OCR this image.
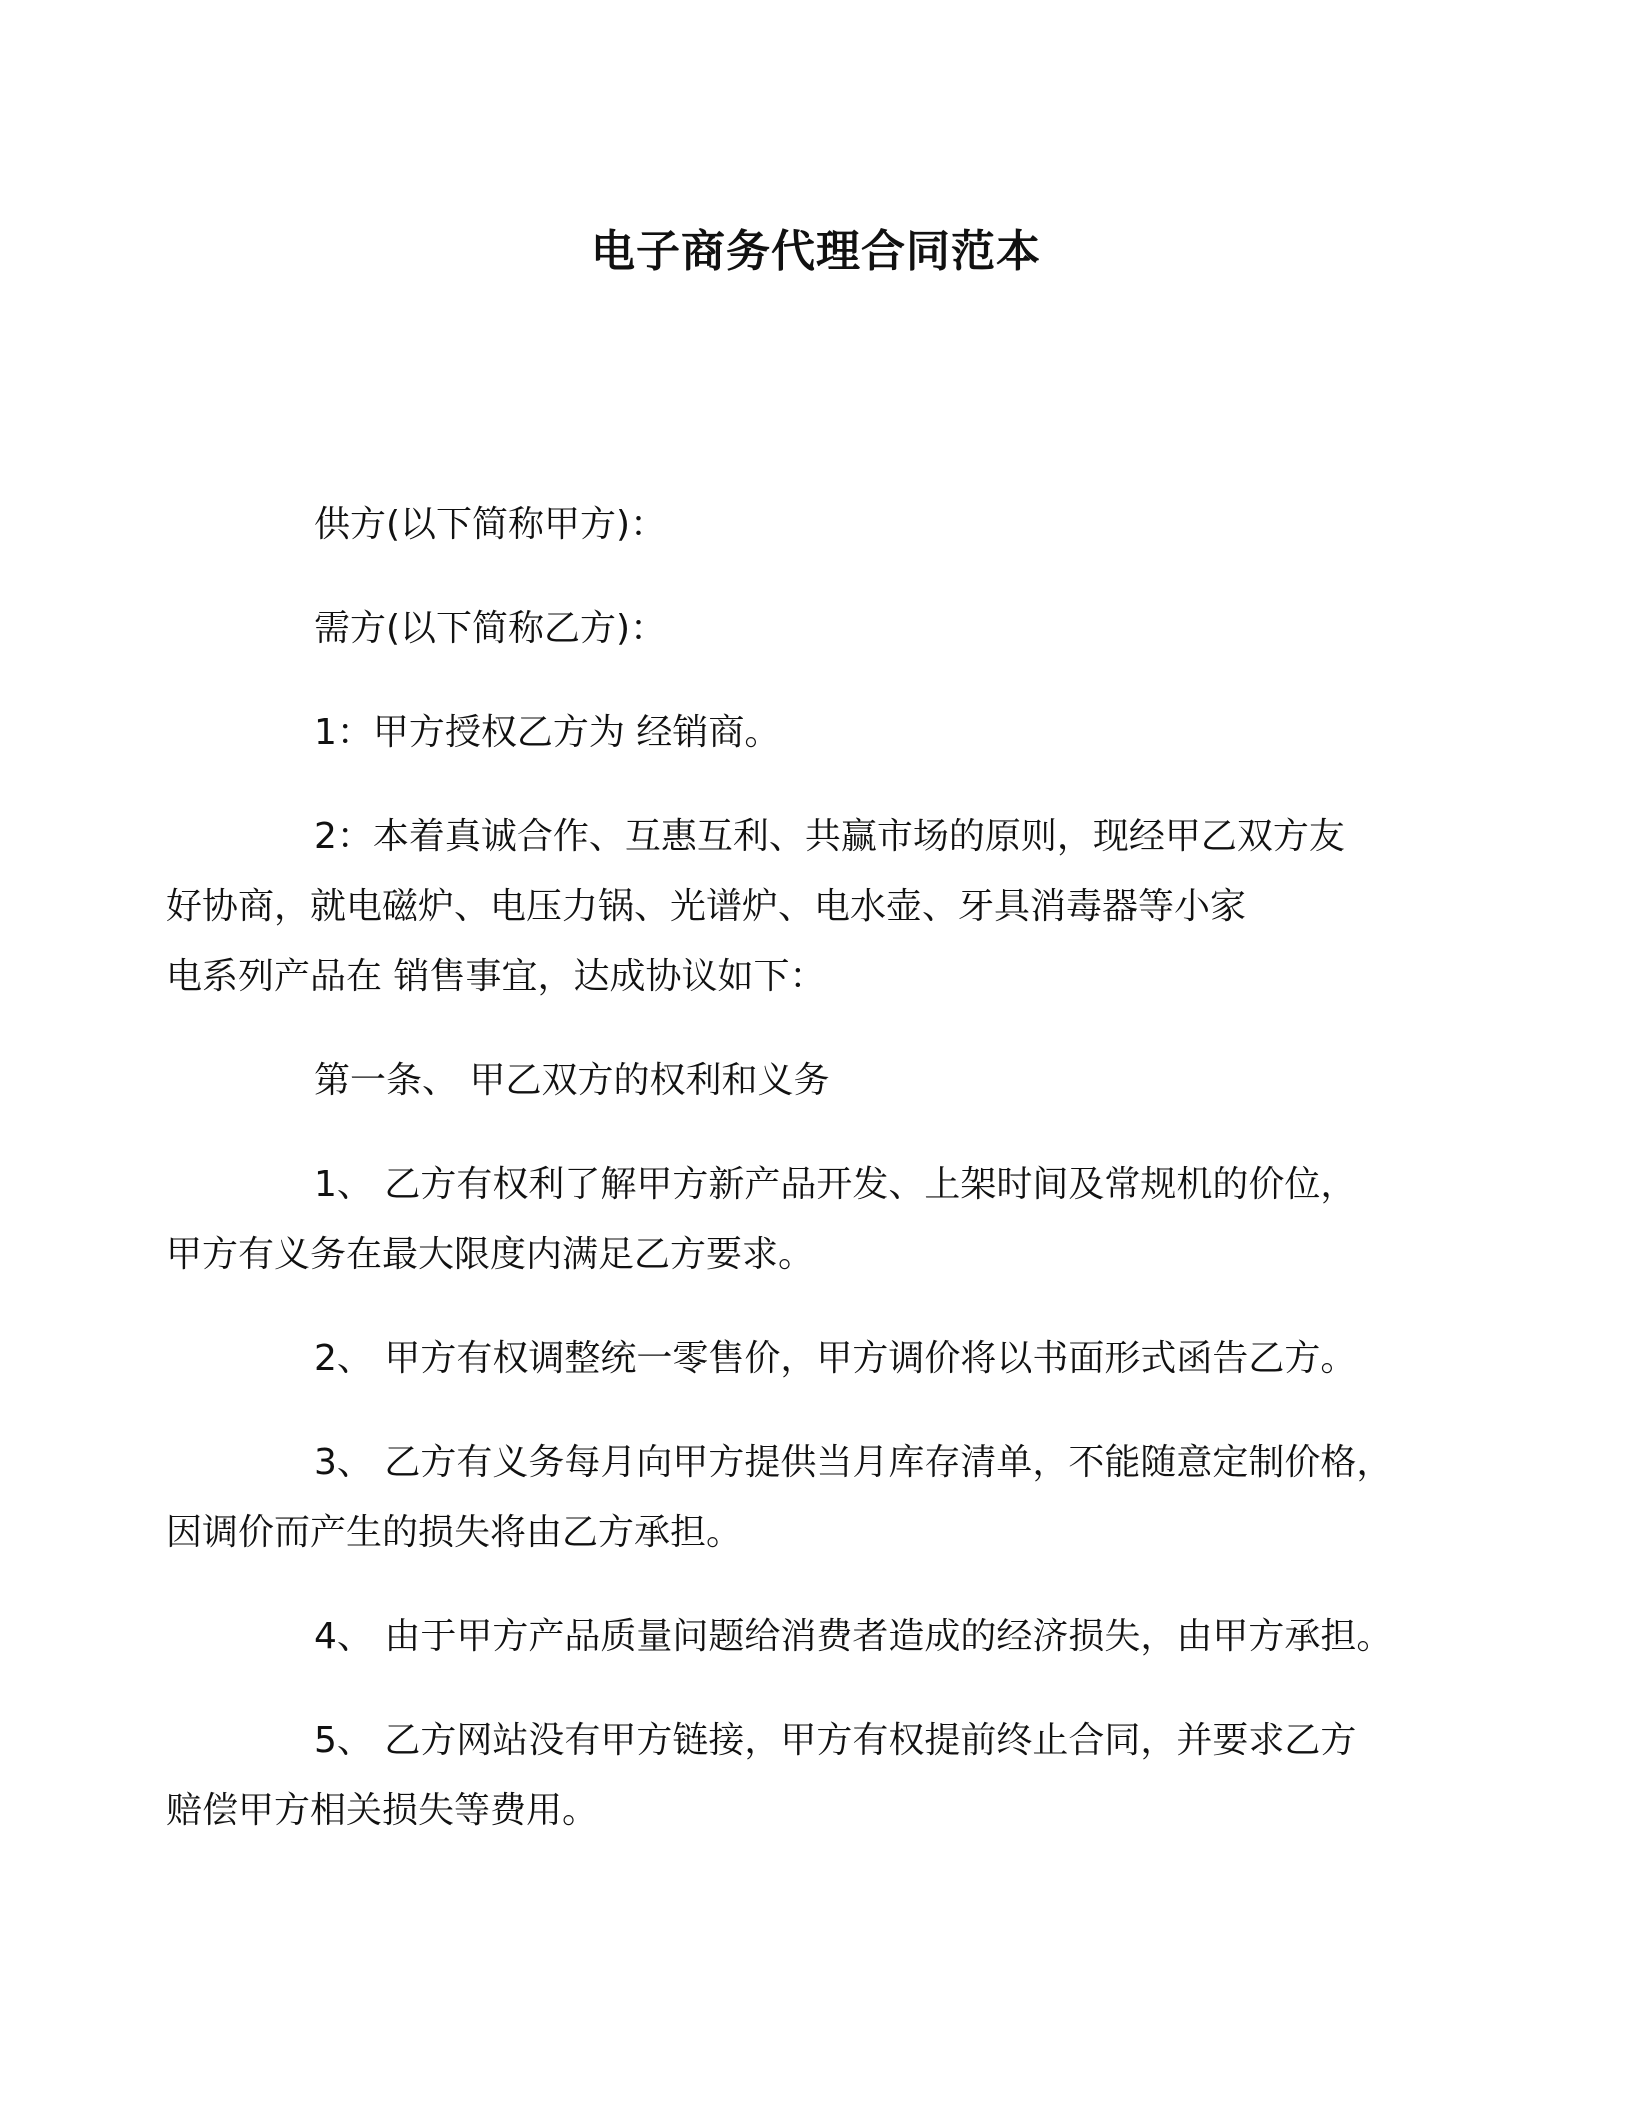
电子商务代理合同范本

供方(以下简称甲方)：

需方(以下简称乙方)：

1：甲方授权乙方为 经销商。

2：本着真诚合作、互惠互利、共赢市场的原则，现经甲乙双方友
好协商，就电磁炉、电压力锅、光谱炉、电水壶、牙具消毒器等小家
电系列产品在 销售事宜，达成协议如下：

第一条、 甲乙双方的权利和义务

1、 乙方有权利了解甲方新产品开发、上架时间及常规机的价位，
甲方有义务在最大限度内满足乙方要求。

2、 甲方有权调整统一零售价，甲方调价将以书面形式函告乙方。

3、 乙方有义务每月向甲方提供当月库存清单，不能随意定制价格，
因调价而产生的损失将由乙方承担。

4、 由于甲方产品质量问题给消费者造成的经济损失，由甲方承担。

5、 乙方网站没有甲方链接，甲方有权提前终止合同，并要求乙方
赔偿甲方相关损失等费用。
